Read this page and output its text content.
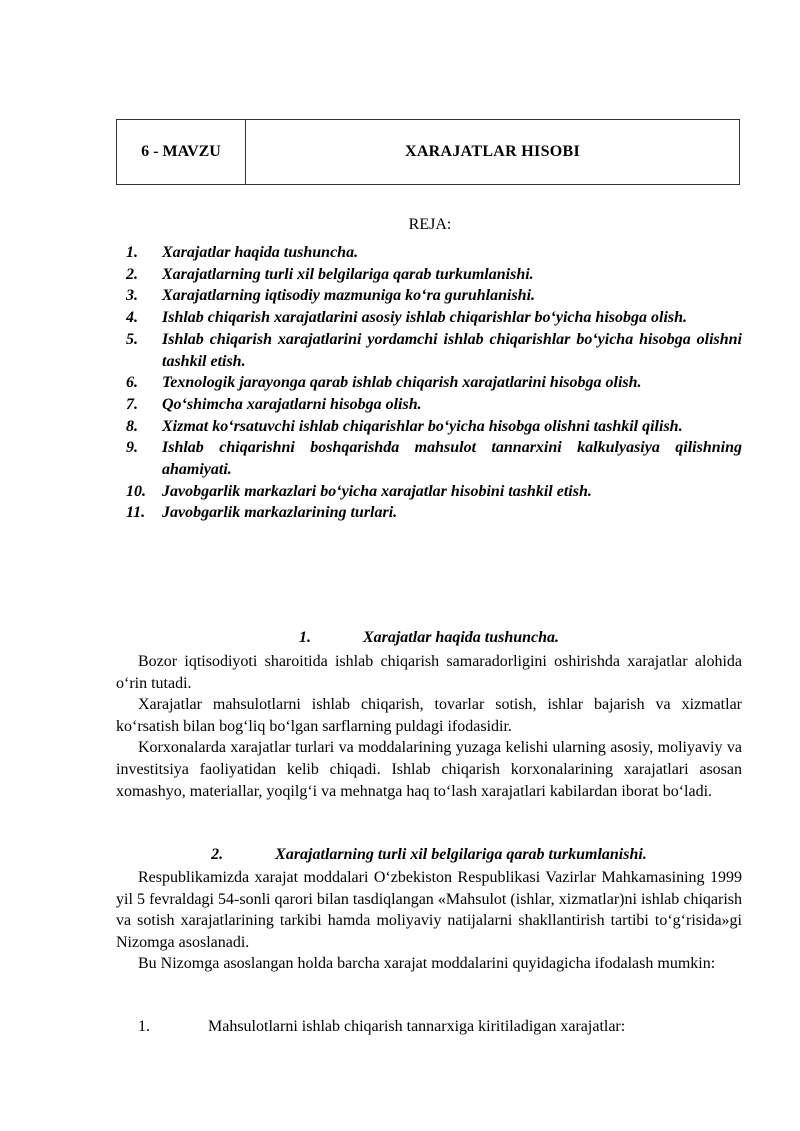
6 - MAVZU	XARAJATLAR HISOBI
REJA:
1.	Xarajatlar haqida tushuncha.
2.	Xarajatlarning turli xil belgilariga qarab turkumlanishi.
3.	Xarajatlarning iqtisodiy mazmuniga ko‘ra guruhlanishi.
4.	Ishlab chiqarish xarajatlarini asosiy ishlab chiqarishlar bo‘yicha hisobga olish.
5.	Ishlab chiqarish xarajatlarini yordamchi ishlab chiqarishlar bo‘yicha hisobga olishni tashkil etish.
6.	Texnologik jarayonga qarab ishlab chiqarish xarajatlarini hisobga olish.
7.	Qo‘shimcha xarajatlarni hisobga olish.
8.	Xizmat ko‘rsatuvchi ishlab chiqarishlar bo‘yicha hisobga olishni tashkil qilish.
9.	Ishlab chiqarishni boshqarishda mahsulot tannarxini kalkulyasiya qilishning ahamiyati.
10.	Javobgarlik markazlari bo‘yicha xarajatlar hisobini tashkil etish.
11.	Javobgarlik markazlarining turlari.
1.	Xarajatlar haqida tushuncha.

Bozor iqtisodiyoti sharoitida ishlab chiqarish samaradorligini oshirishda xarajatlar alohida o‘rin tutadi.

Xarajatlar mahsulotlarni ishlab chiqarish, tovarlar sotish, ishlar bajarish va xizmatlar ko‘rsatish bilan bog‘liq bo‘lgan sarflarning puldagi ifodasidir.

Korxonalarda xarajatlar turlari va moddalarining yuzaga kelishi ularning asosiy, moliyaviy va investitsiya faoliyatidan kelib chiqadi. Ishlab chiqarish korxonalarining xarajatlari asosan xomashyo, materiallar, yoqilg‘i va mehnatga haq to‘lash xarajatlari kabilardan iborat bo‘ladi.

2.	Xarajatlarning turli xil belgilariga qarab turkumlanishi.

Respublikamizda xarajat moddalari O‘zbekiston Respublikasi Vazirlar Mahkamasining 1999 yil 5 fevraldagi 54-sonli qarori bilan tasdiqlangan «Mahsulot (ishlar, xizmatlar)ni ishlab chiqarish va sotish xarajatlarining tarkibi hamda moliyaviy natijalarni shakllantirish tartibi to‘g‘risida»gi Nizomga asoslanadi.

Bu Nizomga asoslangan holda barcha xarajat moddalarini quyidagicha ifodalash mumkin:

1.	Mahsulotlarni ishlab chiqarish tannarxiga kiritiladigan xarajatlar:
